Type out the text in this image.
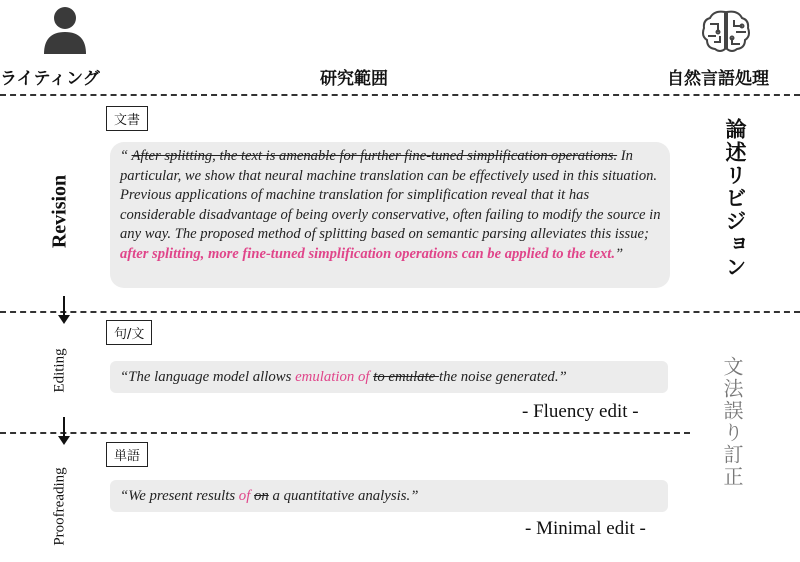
ライティング	研究範囲	自然言語処理
Revision
文書
“ After splitting, the text is amenable for further fine-tuned simplification operations. In particular, we show that neural machine translation can be effectively used in this situation. Previous applications of machine translation for simplification reveal that it has considerable disadvantage of being overly conservative, often failing to modify the source in any way. The proposed method of splitting based on semantic parsing alleviates this issue; after splitting, more fine-tuned simplification operations can be applied to the text.”	論述リビジョン
Editing
句/文
“The language model allows emulation of to emulate the noise generated.”
- Fluency edit -
Proofreading
単語
“We present results of on a quantitative analysis.”
- Minimal edit -
文法誤り訂正
